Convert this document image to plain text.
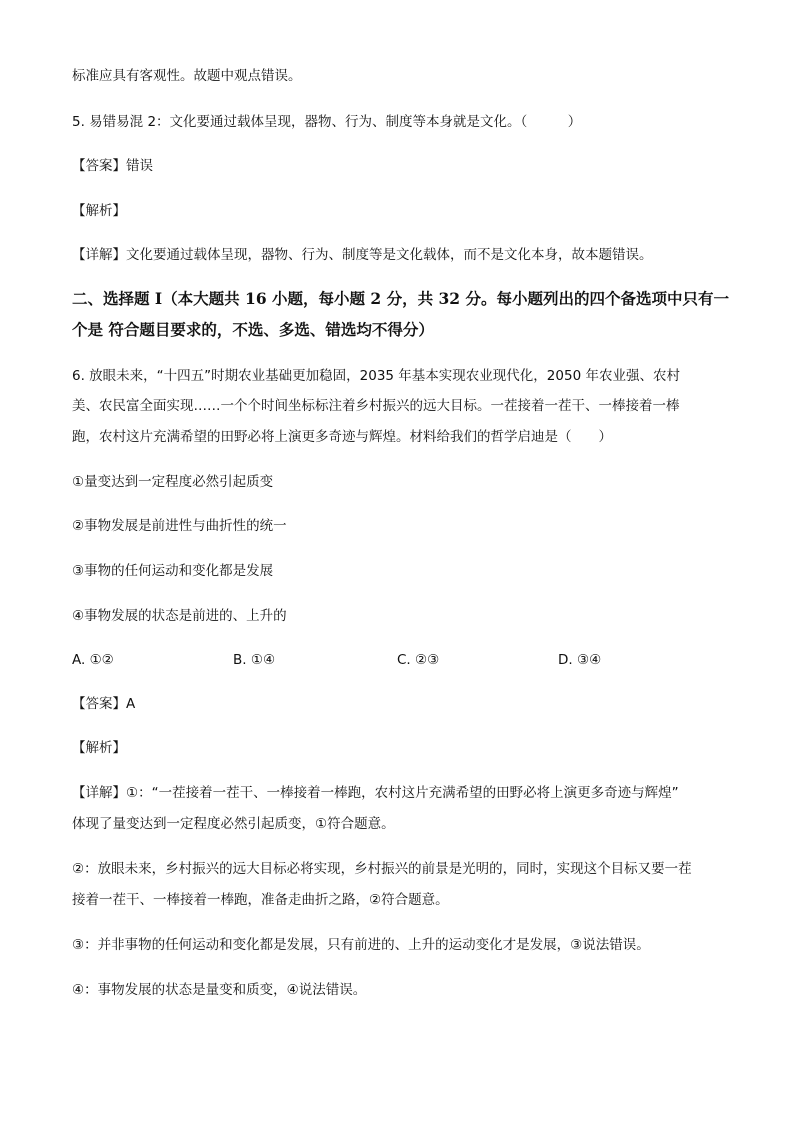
标准应具有客观性。故题中观点错误。
5. 易错易混 2：文化要通过载体呈现，器物、行为、制度等本身就是文化。（　　　）
【答案】错误
【解析】
【详解】文化要通过载体呈现，器物、行为、制度等是文化载体，而不是文化本身，故本题错误。
二、选择题 I（本大题共 16 小题，每小题 2 分，共 32 分。每小题列出的四个备选项中只有一
个是 符合题目要求的，不选、多选、错选均不得分）
6. 放眼未来，“十四五”时期农业基础更加稳固，2035 年基本实现农业现代化，2050 年农业强、农村
美、农民富全面实现……一个个时间坐标标注着乡村振兴的远大目标。一茬接着一茬干、一棒接着一棒
跑，农村这片充满希望的田野必将上演更多奇迹与辉煌。材料给我们的哲学启迪是（　　）
①量变达到一定程度必然引起质变
②事物发展是前进性与曲折性的统一
③事物的任何运动和变化都是发展
④事物发展的状态是前进的、上升的
A. ①②	B. ①④	C. ②③	D. ③④
【答案】A
【解析】
【详解】①：“一茬接着一茬干、一棒接着一棒跑，农村这片充满希望的田野必将上演更多奇迹与辉煌”
体现了量变达到一定程度必然引起质变，①符合题意。
②：放眼未来，乡村振兴的远大目标必将实现，乡村振兴的前景是光明的，同时，实现这个目标又要一茬
接着一茬干、一棒接着一棒跑，准备走曲折之路，②符合题意。
③：并非事物的任何运动和变化都是发展，只有前进的、上升的运动变化才是发展，③说法错误。
④：事物发展的状态是量变和质变，④说法错误。
